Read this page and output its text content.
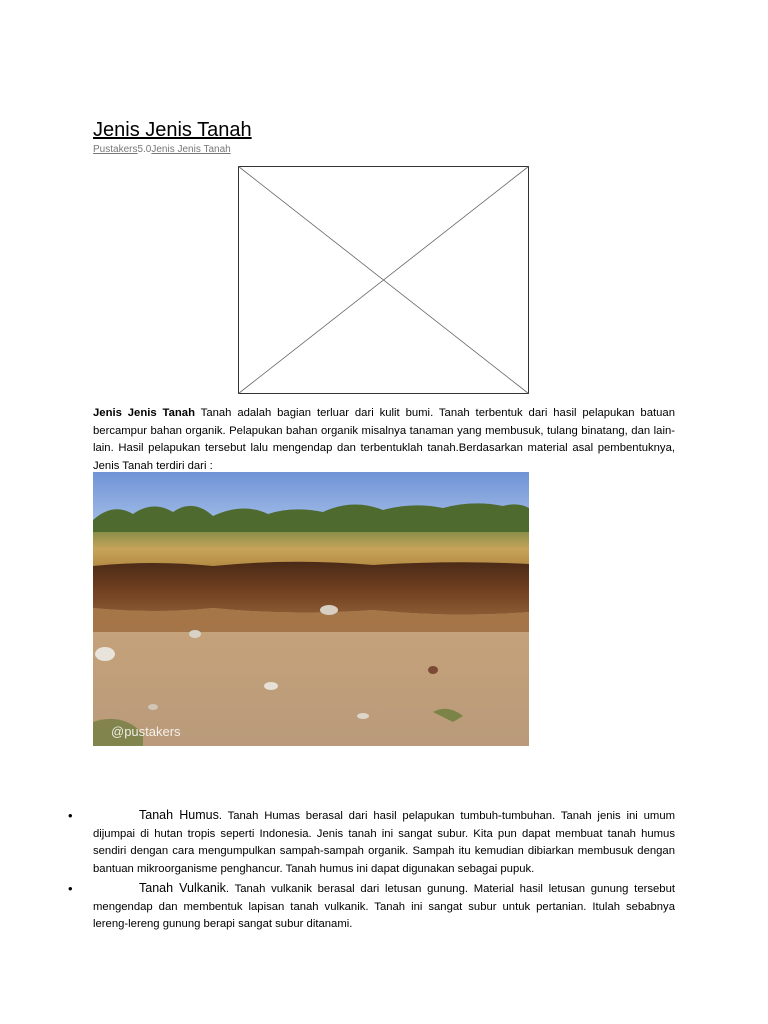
Jenis Jenis Tanah
Pustakers5.0Jenis Jenis Tanah

Jenis Jenis Tanah Tanah adalah bagian terluar dari kulit bumi. Tanah terbentuk dari hasil pelapukan batuan bercampur bahan organik. Pelapukan bahan organik misalnya tanaman yang membusuk, tulang binatang, dan lain-lain. Hasil pelapukan tersebut lalu mengendap dan terbentuklah tanah.Berdasarkan material asal pembentuknya, Jenis Tanah terdiri dari :

@pustakers
•	Tanah Humus. Tanah Humas berasal dari hasil pelapukan tumbuh-tumbuhan. Tanah jenis ini umum dijumpai di hutan tropis seperti Indonesia. Jenis tanah ini sangat subur. Kita pun dapat membuat tanah humus sendiri dengan cara mengumpulkan sampah-sampah organik. Sampah itu kemudian dibiarkan membusuk dengan bantuan mikroorganisme penghancur. Tanah humus ini dapat digunakan sebagai pupuk.
•	Tanah Vulkanik. Tanah vulkanik berasal dari letusan gunung. Material hasil letusan gunung tersebut mengendap dan membentuk lapisan tanah vulkanik. Tanah ini sangat subur untuk pertanian. Itulah sebabnya lereng-lereng gunung berapi sangat subur ditanami.
